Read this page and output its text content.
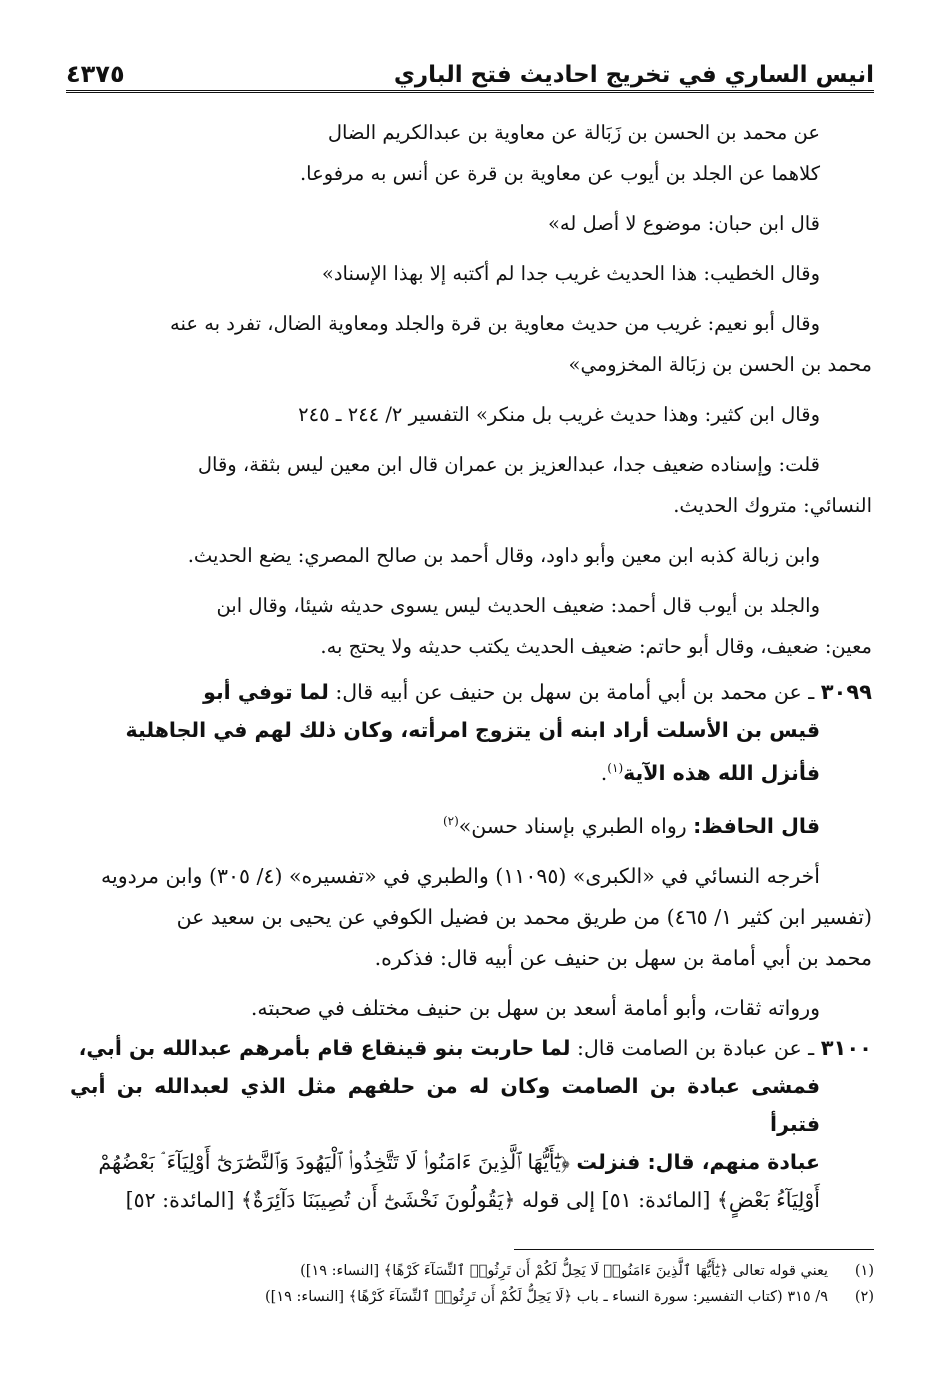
انيس الساري في تخريج احاديث فتح الباري
٤٣٧٥

عن محمد بن الحسن بن زَبَالة عن معاوية بن عبدالكريم الضال

كلاهما عن الجلد بن أيوب عن معاوية بن قرة عن أنس به مرفوعا.

قال ابن حبان: موضوع لا أصل له»

وقال الخطيب: هذا الحديث غريب جدا لم أكتبه إلا بهذا الإسناد»

وقال أبو نعيم: غريب من حديث معاوية بن قرة والجلد ومعاوية الضال، تفرد به عنه

محمد بن الحسن بن زبَالة المخزومي»

وقال ابن كثير: وهذا حديث غريب بل منكر» التفسير ٢/ ٢٤٤ ـ ٢٤٥

قلت: وإسناده ضعيف جدا، عبدالعزيز بن عمران قال ابن معين ليس بثقة، وقال

النسائي: متروك الحديث.

وابن زبالة كذبه ابن معين وأبو داود، وقال أحمد بن صالح المصري: يضع الحديث.

والجلد بن أيوب قال أحمد: ضعيف الحديث ليس يسوى حديثه شيئا، وقال ابن

معين: ضعيف، وقال أبو حاتم: ضعيف الحديث يكتب حديثه ولا يحتج به.

٣٠٩٩ ـ عن محمد بن أبي أمامة بن سهل بن حنيف عن أبيه قال: لما توفي أبو

قيس بن الأسلت أراد ابنه أن يتزوج امرأته، وكان ذلك لهم في الجاهلية

فأنزل الله هذه الآية$^{(١)}$.

قال الحافظ: رواه الطبري بإسناد حسن»$^{(٢)}$

أخرجه النسائي في «الكبرى» (١١٠٩٥) والطبري في «تفسيره» (٤/ ٣٠٥) وابن مردويه

(تفسير ابن كثير ١/ ٤٦٥) من طريق محمد بن فضيل الكوفي عن يحيى بن سعيد عن

محمد بن أبي أمامة بن سهل بن حنيف عن أبيه قال: فذكره.

ورواته ثقات، وأبو أمامة أسعد بن سهل بن حنيف مختلف في صحبته.

٣١٠٠ ـ عن عبادة بن الصامت قال: لما حاربت بنو قينقاع قام بأمرهم عبدالله بن أبي،

فمشى عبادة بن الصامت وكان له من حلفهم مثل الذي لعبدالله بن أبي فتبرأ

عبادة منهم، قال: فنزلت ﴿يَٰٓأَيُّهَا ٱلَّذِينَ ءَامَنُوا۟ لَا تَتَّخِذُوا۟ ٱلْيَهُودَ وَٱلنَّصَٰرَىٰٓ أَوْلِيَآءَ ۘ بَعْضُهُمْ

أَوْلِيَآءُ بَعْضٍ﴾ [المائدة: ٥١] إلى قوله ﴿يَقُولُونَ نَخْشَىٰٓ أَن تُصِيبَنَا دَآئِرَةٌ﴾ [المائدة: ٥٢]

(١)
يعني قوله تعالى ﴿يَٰٓأَيُّهَا ٱلَّذِينَ ءَامَنُوا۟ لَا يَحِلُّ لَكُمْ أَن تَرِثُوا۟ ٱلنِّسَآءَ كَرْهًا﴾ [النساء: ١٩])
(٢)
٩/ ٣١٥ (كتاب التفسير: سورة النساء ـ باب ﴿لَا يَحِلُّ لَكُمْ أَن تَرِثُوا۟ ٱلنِّسَآءَ كَرْهًا﴾ [النساء: ١٩])
